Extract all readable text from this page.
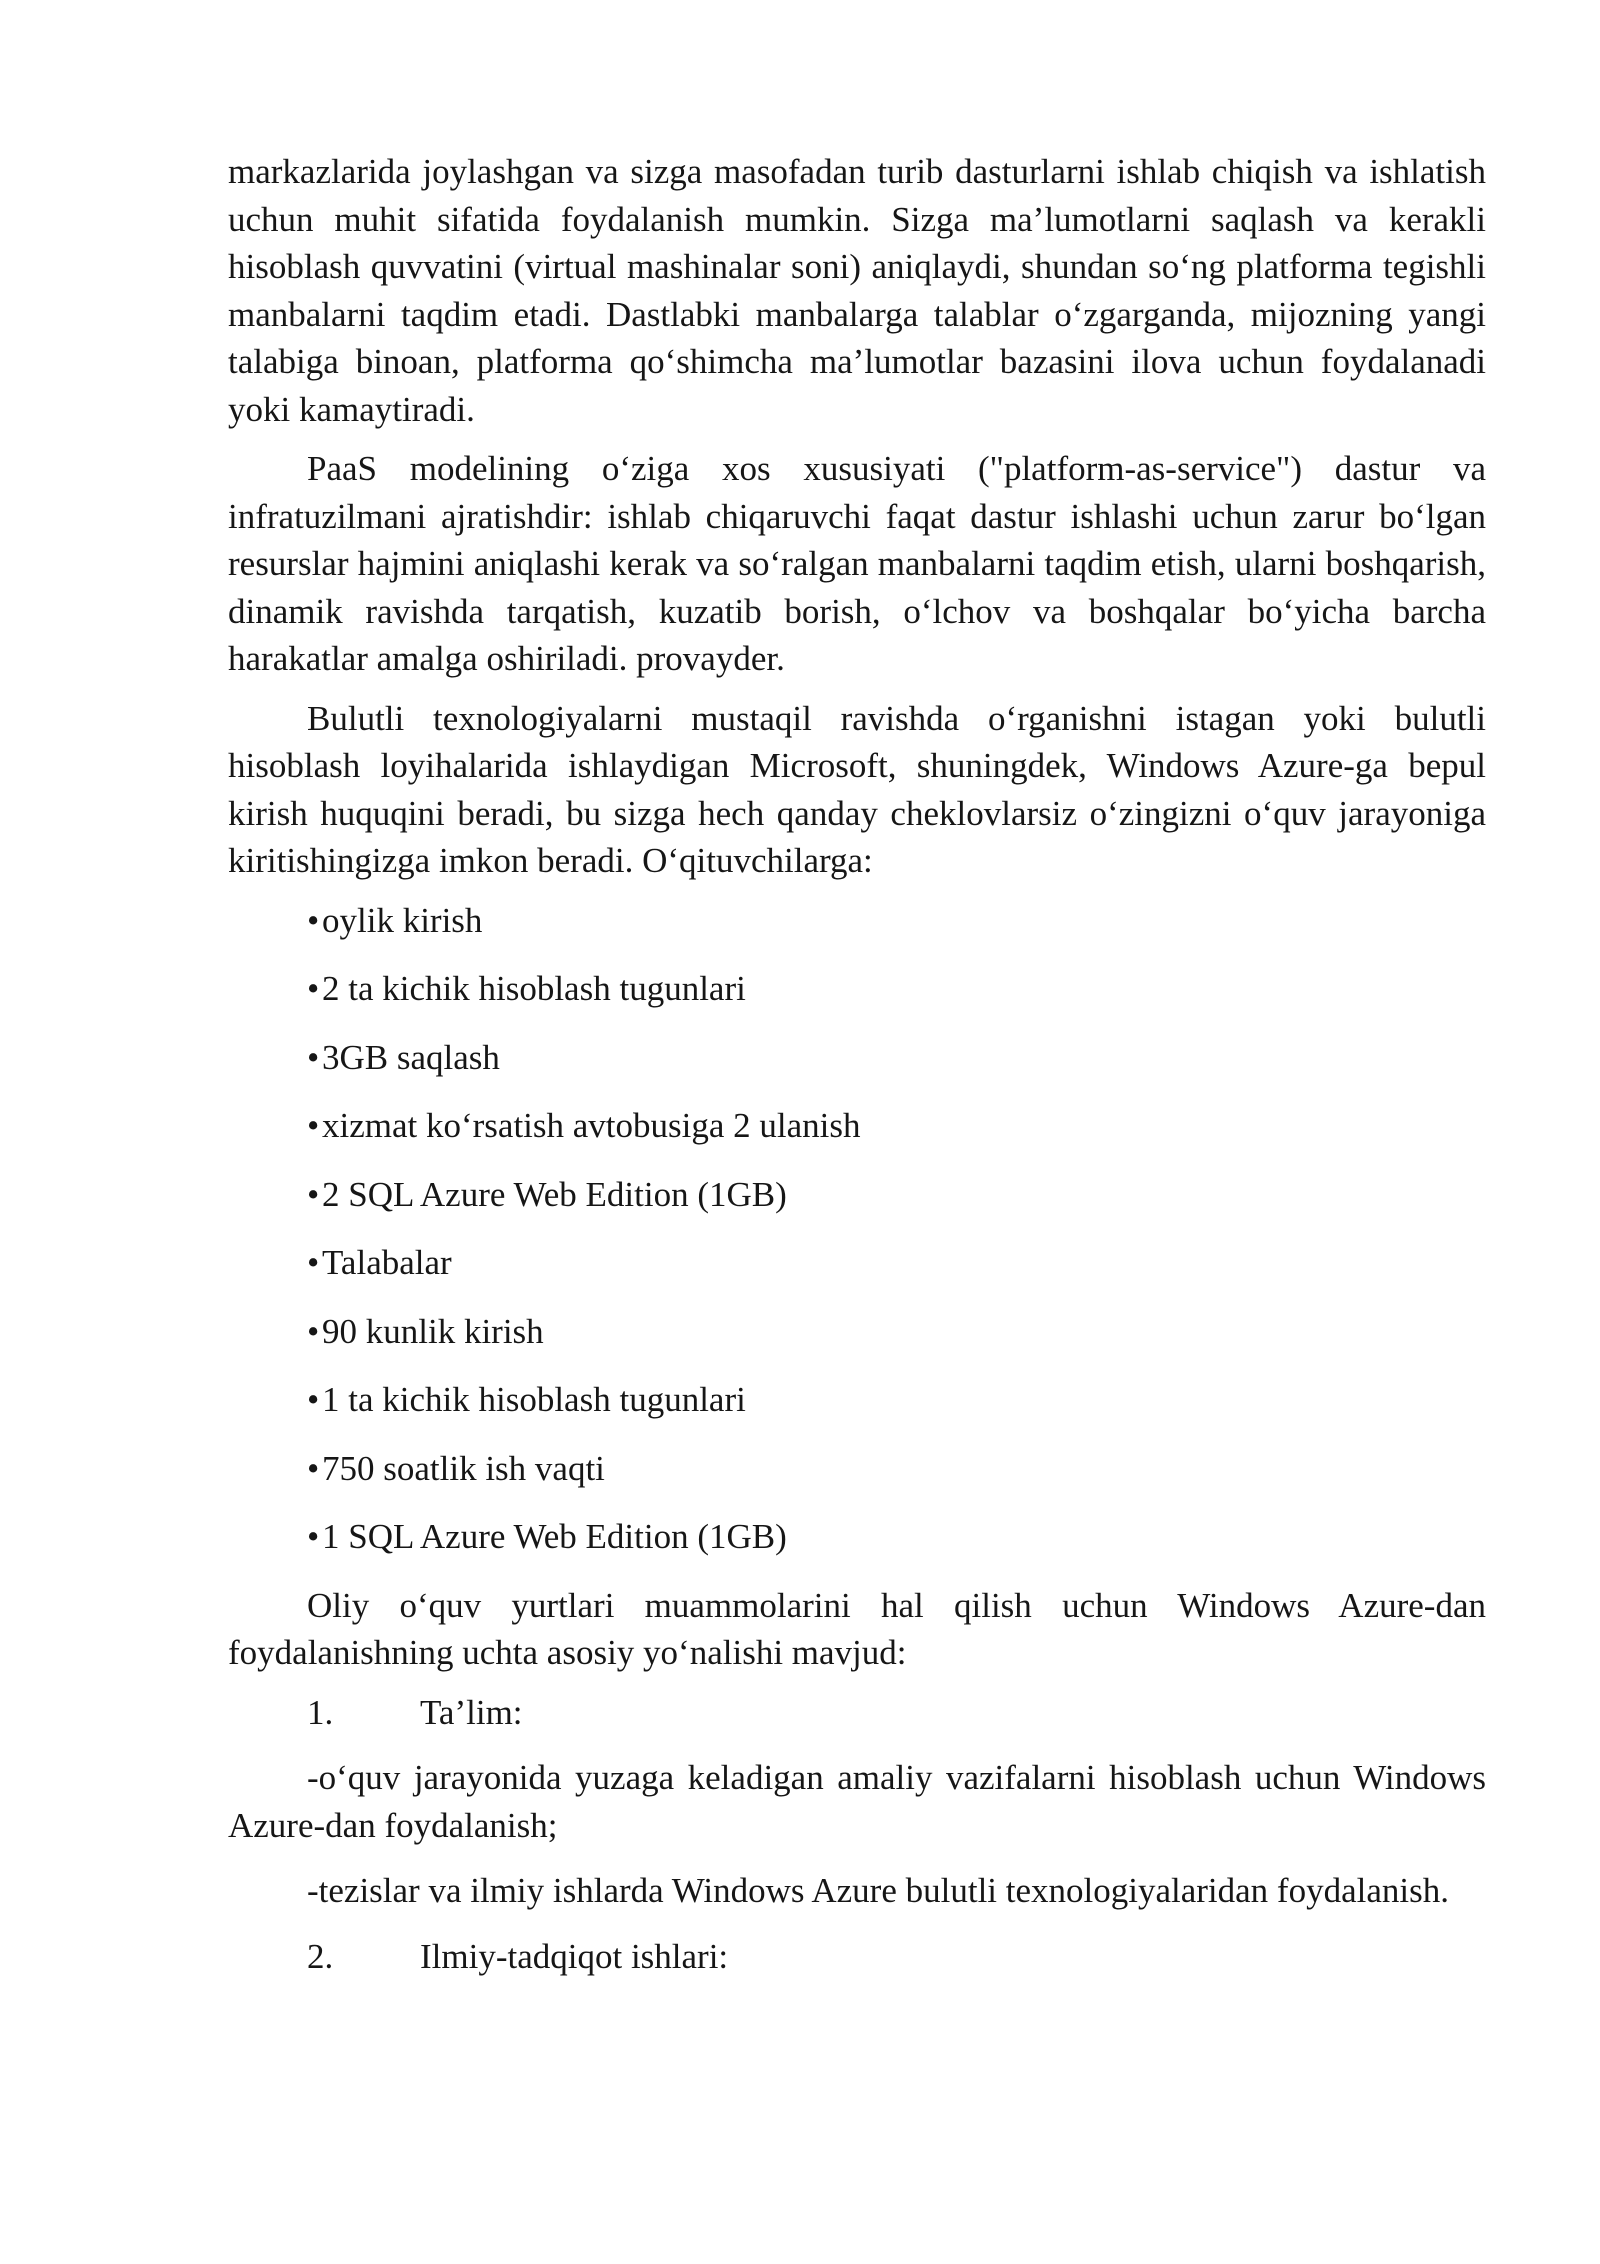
markazlarida joylashgan va sizga masofadan turib dasturlarni ishlab chiqish va ishlatish uchun muhit sifatida foydalanish mumkin. Sizga ma’lumotlarni saqlash va kerakli hisoblash quvvatini (virtual mashinalar soni) aniqlaydi, shundan so‘ng platforma tegishli manbalarni taqdim etadi. Dastlabki manbalarga talablar o‘zgarganda, mijozning yangi talabiga binoan, platforma qo‘shimcha ma’lumotlar bazasini ilova uchun foydalanadi yoki kamaytiradi.

PaaS modelining o‘ziga xos xususiyati ("platform-as-service") dastur va infratuzilmani ajratishdir: ishlab chiqaruvchi faqat dastur ishlashi uchun zarur bo‘lgan resurslar hajmini aniqlashi kerak va so‘ralgan manbalarni taqdim etish, ularni boshqarish, dinamik ravishda tarqatish, kuzatib borish, o‘lchov va boshqalar bo‘yicha barcha harakatlar amalga oshiriladi. provayder.

Bulutli texnologiyalarni mustaqil ravishda o‘rganishni istagan yoki bulutli hisoblash loyihalarida ishlaydigan Microsoft, shuningdek, Windows Azure-ga bepul kirish huquqini beradi, bu sizga hech qanday cheklovlarsiz o‘zingizni o‘quv jarayoniga kiritishingizga imkon beradi. O‘qituvchilarga:

•oylik kirish
•2 ta kichik hisoblash tugunlari
•3GB saqlash
•xizmat ko‘rsatish avtobusiga 2 ulanish
•2 SQL Azure Web Edition (1GB)
•Talabalar
•90 kunlik kirish
•1 ta kichik hisoblash tugunlari
•750 soatlik ish vaqti
•1 SQL Azure Web Edition (1GB)

Oliy o‘quv yurtlari muammolarini hal qilish uchun Windows Azure-dan foydalanishning uchta asosiy yo‘nalishi mavjud:

1. Ta’lim:

-o‘quv jarayonida yuzaga keladigan amaliy vazifalarni hisoblash uchun Windows Azure-dan foydalanish;

-tezislar va ilmiy ishlarda Windows Azure bulutli texnologiyalaridan foydalanish.

2. Ilmiy-tadqiqot ishlari:
